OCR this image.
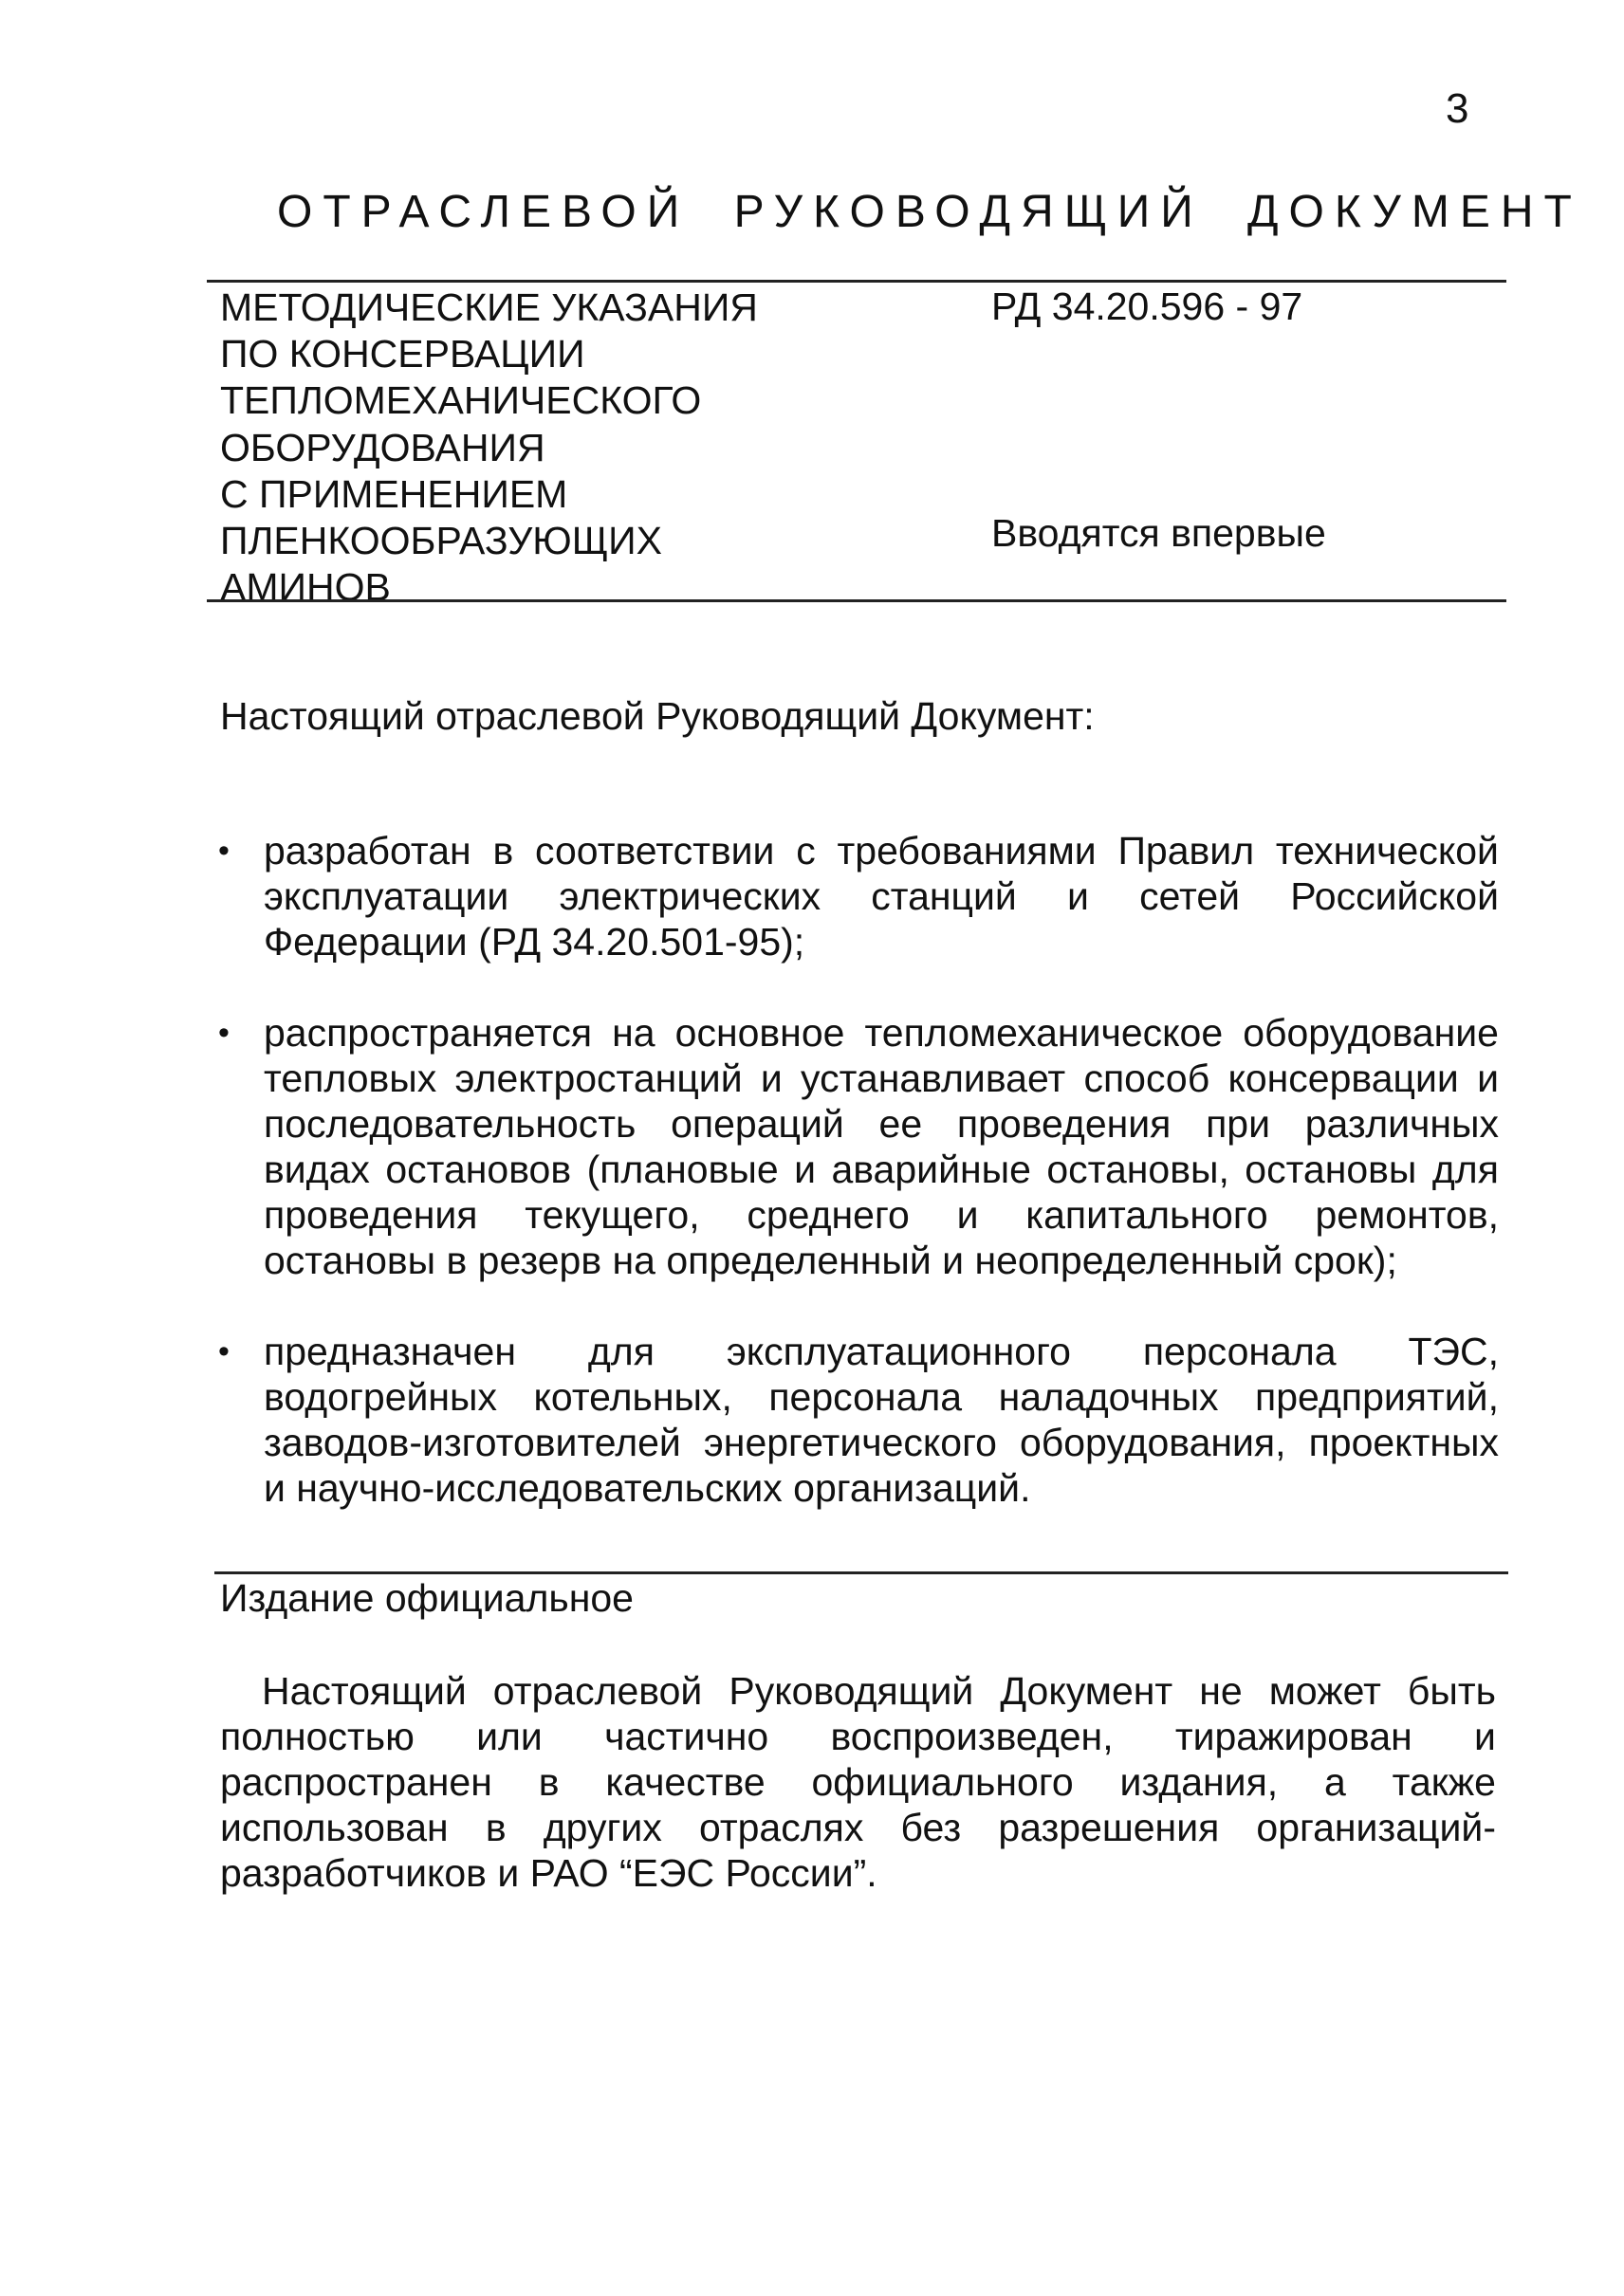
3
ОТРАСЛЕВОЙ РУКОВОДЯЩИЙ ДОКУМЕНТ
МЕТОДИЧЕСКИЕ УКАЗАНИЯ
ПО КОНСЕРВАЦИИ
ТЕПЛОМЕХАНИЧЕСКОГО
ОБОРУДОВАНИЯ
С ПРИМЕНЕНИЕМ
ПЛЕНКООБРАЗУЮЩИХ
АМИНОВ
РД 34.20.596 - 97
Вводятся впервые
Настоящий отраслевой Руководящий Документ:
• разработан в соответствии с требованиями Правил технической
эксплуатации электрических станций и сетей Российской
Федерации (РД 34.20.501-95);
• распространяется на основное тепломеханическое оборудование
тепловых электростанций и устанавливает способ консервации и
последовательность операций ее проведения при различных
видах остановов (плановые и аварийные остановы, остановы для
проведения текущего, среднего и капитального ремонтов,
остановы в резерв на определенный и неопределенный срок);
• предназначен для эксплуатационного персонала ТЭС,
водогрейных котельных, персонала наладочных предприятий,
заводов-изготовителей энергетического оборудования, проектных
и научно-исследовательских организаций.
Издание официальное
Настоящий отраслевой Руководящий Документ не может быть
полностью или частично воспроизведен, тиражирован и
распространен в качестве официального издания, а также
использован в других отраслях без разрешения организаций-
разработчиков и РАО “ЕЭС России”.
